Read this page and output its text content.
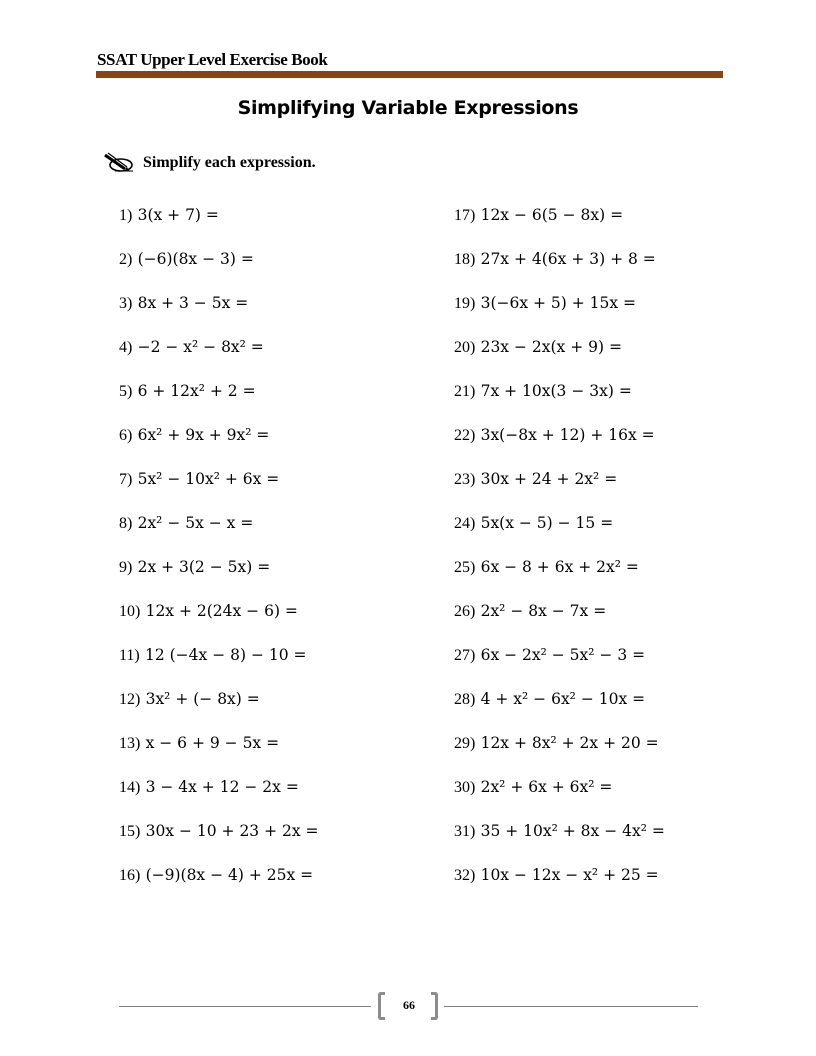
SSAT Upper Level Exercise Book
Simplifying Variable Expressions
Simplify each expression.
1) 3(x + 7) =
2) (−6)(8x − 3) =
3) 8x + 3 − 5x =
4) −2 − x² − 8x² =
5) 6 + 12x² + 2 =
6) 6x² + 9x + 9x² =
7) 5x² − 10x² + 6x =
8) 2x² − 5x − x =
9) 2x + 3(2 − 5x) =
10) 12x + 2(24x − 6) =
11) 12 (−4x − 8) − 10 =
12) 3x² + (− 8x) =
13) x − 6 + 9 − 5x =
14) 3 − 4x + 12 − 2x =
15) 30x − 10 + 23 + 2x =
16) (−9)(8x − 4) + 25x =
17) 12x − 6(5 − 8x) =
18) 27x + 4(6x + 3) + 8 =
19) 3(−6x + 5) + 15x =
20) 23x − 2x(x + 9) =
21) 7x + 10x(3 − 3x) =
22) 3x(−8x + 12) + 16x =
23) 30x + 24 + 2x² =
24) 5x(x − 5) − 15 =
25) 6x − 8 + 6x + 2x² =
26) 2x² − 8x − 7x =
27) 6x − 2x² − 5x² − 3 =
28) 4 + x² − 6x² − 10x =
29) 12x + 8x² + 2x + 20 =
30) 2x² + 6x + 6x² =
31) 35 + 10x² + 8x − 4x² =
32) 10x − 12x − x² + 25 =
66
